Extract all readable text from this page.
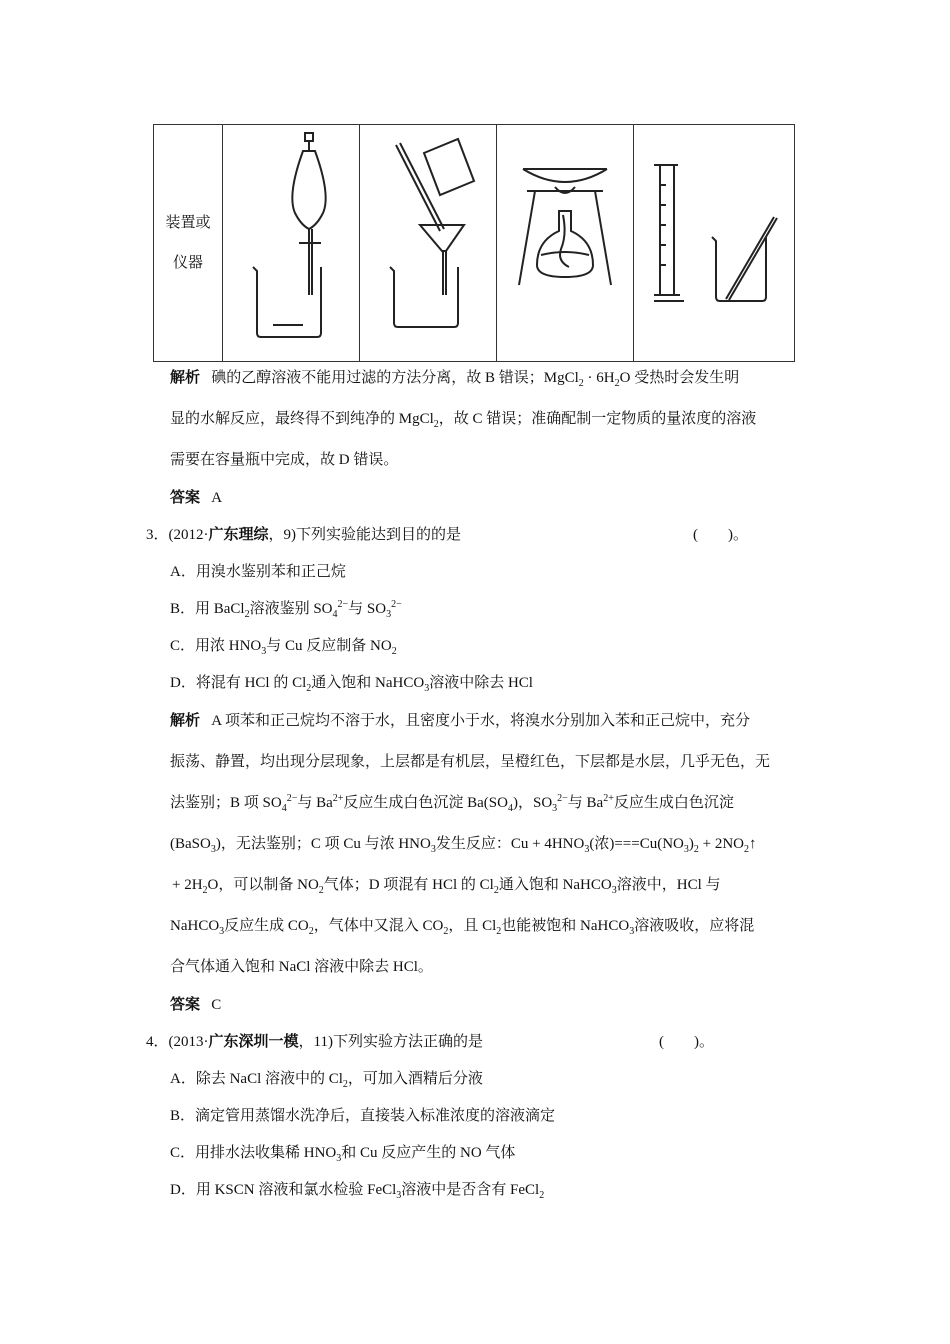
装置或
仪器

解析 碘的乙醇溶液不能用过滤的方法分离，故 B 错误；MgCl$_2$ · $6H_2O$ 受热时会发生明
显的水解反应，最终得不到纯净的 MgCl$_2$，故 C 错误；准确配制一定物质的量浓度的溶液
需要在容量瓶中完成，故 D 错误。
答案 A
3．(2012·广东理综，9)下列实验能达到目的的是	(　　)。
A．用溴水鉴别苯和正己烷
B．用 BaCl$_2$溶液鉴别 $SO_4^{2-}$与 $SO_3^{2-}$
C．用浓 $HNO_3$与 Cu 反应制备 $NO_2$
D．将混有 HCl 的 $Cl_2$通入饱和 NaHCO$_3$溶液中除去 HCl
解析 A 项苯和正己烷均不溶于水，且密度小于水，将溴水分别加入苯和正己烷中，充分
振荡、静置，均出现分层现象，上层都是有机层，呈橙红色，下层都是水层，几乎无色，无
法鉴别；B 项 $SO_4^{2-}$与 $Ba^{2+}$反应生成白色沉淀 $Ba(SO_4)$，$SO_3^{2-}$与 $Ba^{2+}$反应生成白色沉淀
(BaSO$_3$)，无法鉴别；C 项 Cu 与浓 $HNO_3$发生反应：$Cu + 4HNO_3$(浓)$===Cu(NO_3)_2$ + $2NO_2↑$
+ $2H_2O$，可以制备 $NO_2$气体；D 项混有 HCl 的 $Cl_2$通入饱和 NaHCO$_3$溶液中，HCl 与
NaHCO$_3$反应生成 $CO_2$，气体中又混入 $CO_2$，且 $Cl_2$也能被饱和 NaHCO$_3$溶液吸收，应将混
合气体通入饱和 NaCl 溶液中除去 HCl。
答案 C
4．(2013·广东深圳一模，11)下列实验方法正确的是	(　　)。
A．除去 NaCl 溶液中的 $Cl_2$，可加入酒精后分液
B．滴定管用蒸馏水洗净后，直接装入标准浓度的溶液滴定
C．用排水法收集稀 $HNO_3$和 Cu 反应产生的 NO 气体
D．用 KSCN 溶液和氯水检验 FeCl$_3$溶液中是否含有 FeCl$_2$
